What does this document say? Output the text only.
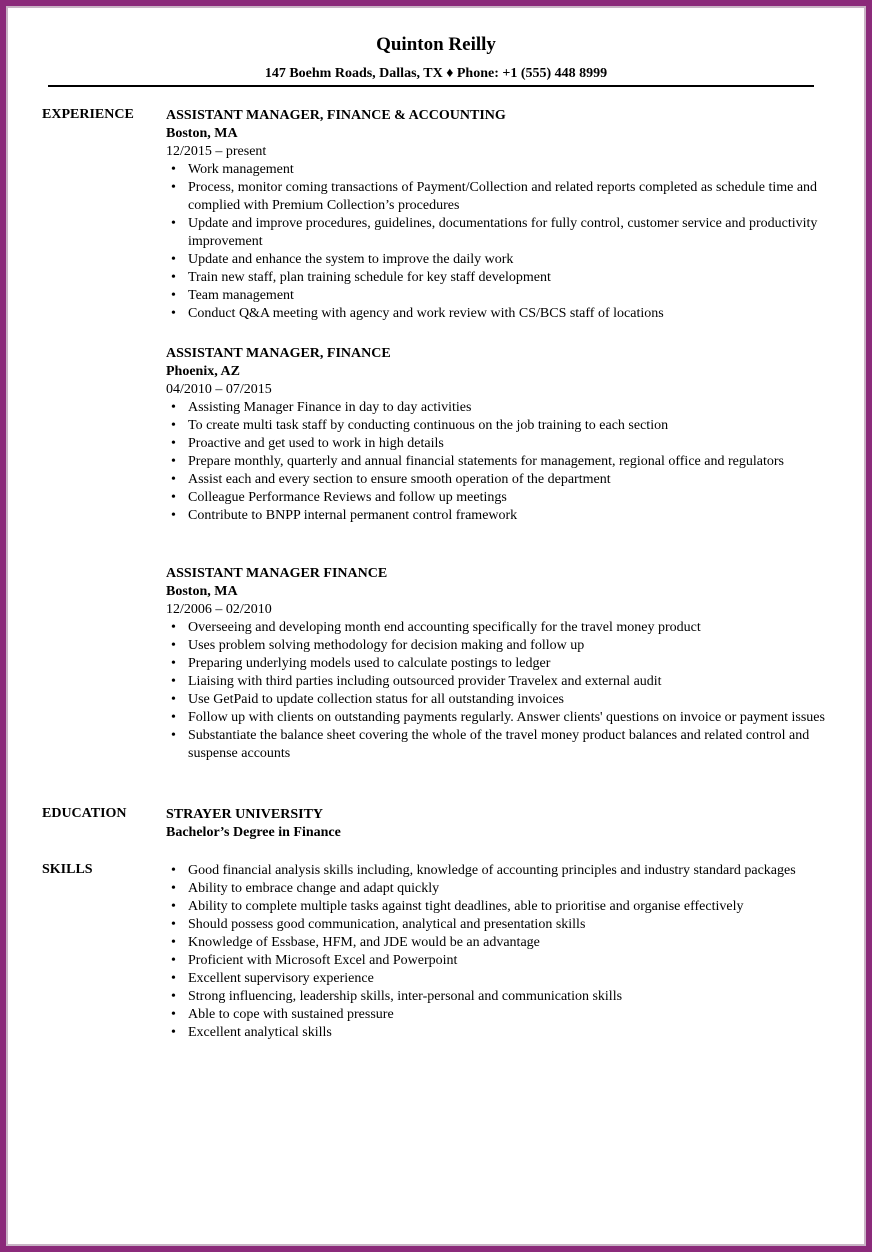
Quinton Reilly
147 Boehm Roads, Dallas, TX ♦ Phone: +1 (555) 448 8999
EXPERIENCE ASSISTANT MANAGER, FINANCE & ACCOUNTING
Boston, MA
12/2015 – present
• Work management
• Process, monitor coming transactions of Payment/Collection and related reports completed as schedule time and complied with Premium Collection’s procedures
• Update and improve procedures, guidelines, documentations for fully control, customer service and productivity improvement
• Update and enhance the system to improve the daily work
• Train new staff, plan training schedule for key staff development
• Team management
• Conduct Q&A meeting with agency and work review with CS/BCS staff of locations
ASSISTANT MANAGER, FINANCE
Phoenix, AZ
04/2010 – 07/2015
• Assisting Manager Finance in day to day activities
• To create multi task staff by conducting continuous on the job training to each section
• Proactive and get used to work in high details
• Prepare monthly, quarterly and annual financial statements for management, regional office and regulators
• Assist each and every section to ensure smooth operation of the department
• Colleague Performance Reviews and follow up meetings
• Contribute to BNPP internal permanent control framework
ASSISTANT MANAGER FINANCE
Boston, MA
12/2006 – 02/2010
• Overseeing and developing month end accounting specifically for the travel money product
• Uses problem solving methodology for decision making and follow up
• Preparing underlying models used to calculate postings to ledger
• Liaising with third parties including outsourced provider Travelex and external audit
• Use GetPaid to update collection status for all outstanding invoices
• Follow up with clients on outstanding payments regularly. Answer clients' questions on invoice or payment issues
• Substantiate the balance sheet covering the whole of the travel money product balances and related control and suspense accounts
EDUCATION	STRAYER UNIVERSITY
Bachelor’s Degree in Finance
SKILLS
•	Good financial analysis skills including, knowledge of accounting principles and industry standard packages
• Ability to embrace change and adapt quickly
• Ability to complete multiple tasks against tight deadlines, able to prioritise and organise effectively
• Should possess good communication, analytical and presentation skills
• Knowledge of Essbase, HFM, and JDE would be an advantage
• Proficient with Microsoft Excel and Powerpoint
• Excellent supervisory experience
• Strong influencing, leadership skills, inter-personal and communication skills
• Able to cope with sustained pressure
• Excellent analytical skills
